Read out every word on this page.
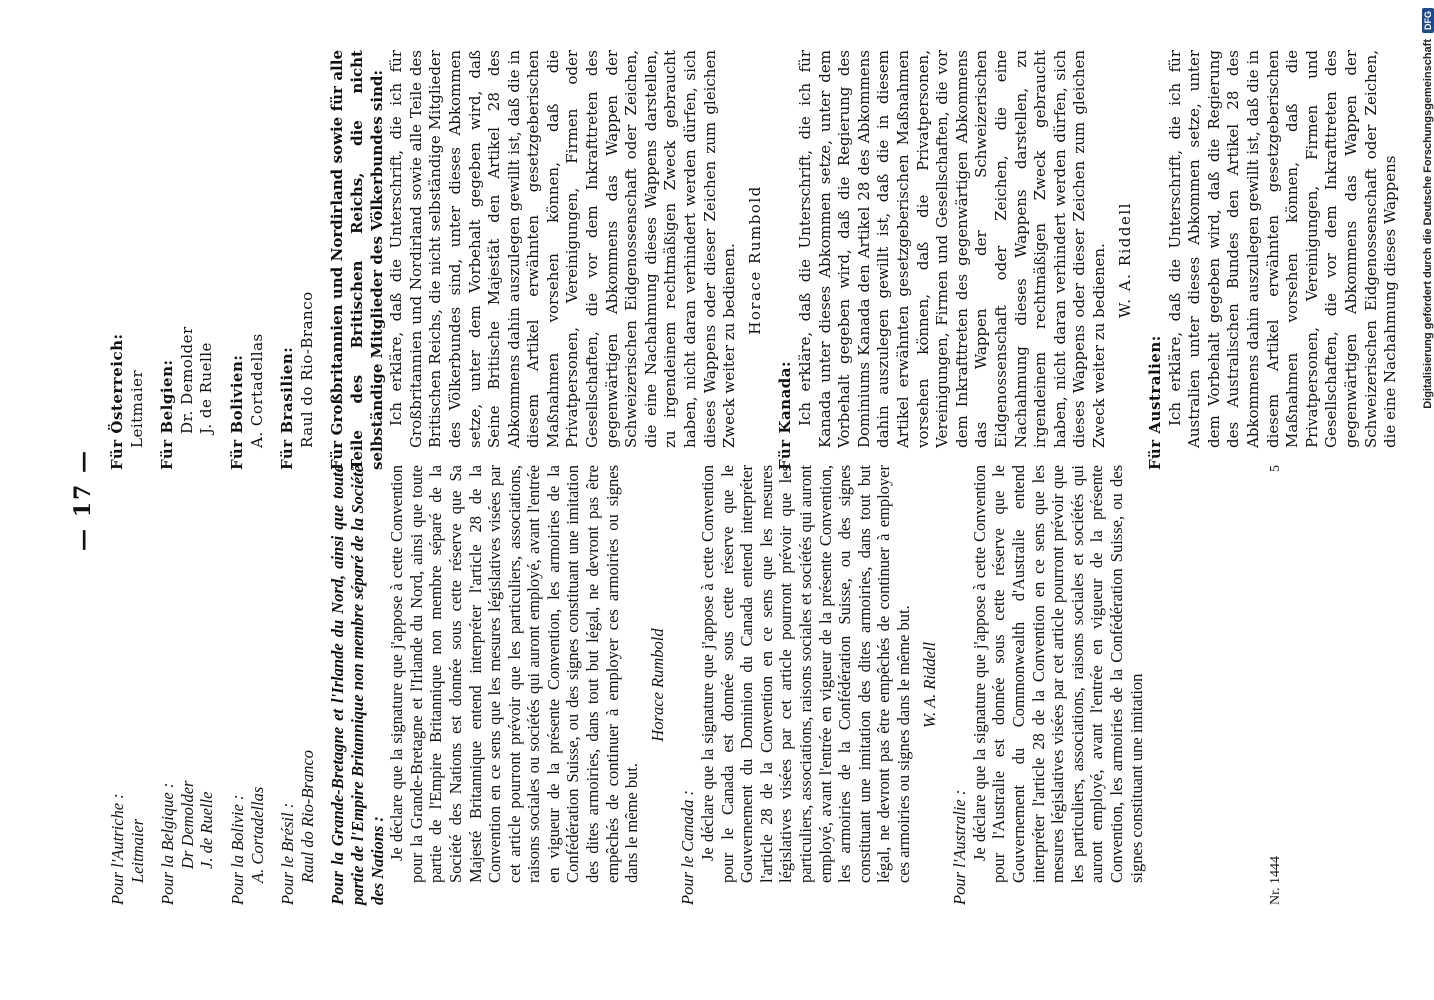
— 17 —
Pour l'Autriche : Leitmaier Pour la Belgique : Dr Demolder J. de Ruelle Pour la Bolivie : A. Cortadellas Pour le Brésil : Raul do Rio-Branco Pour la Grande-Bretagne et l'Irlande du Nord, ainsi que toute partie de l'Empire Britannique non membre séparé de la Société des Nations : Je déclare que la signature que j'appose à cette Convention pour la Grande-Bretagne et l'Irlande du Nord, ainsi que toute partie de l'Empire Britannique non membre séparé de la Société des Nations est donnée sous cette réserve que Sa Majesté Britannique entend interpréter l'article 28 de la Convention en ce sens que les mesures législatives visées par cet article pourront prévoir que les particuliers, associations, raisons sociales ou sociétés qui auront employé, avant l'entrée en vigueur de la présente Convention, les armoiries de la Confédération Suisse, ou des signes constituant une imitation des dites armoiries, dans tout but légal, ne devront pas être empêchés de continuer à employer ces armoiries ou signes dans le même but.
Horace Rumbold
Pour le Canada : Je déclare que la signature que j'appose à cette Convention pour le Canada est donnée sous cette réserve que le Gouvernement du Dominion du Canada entend interpréter l'article 28 de la Convention en ce sens que les mesures législatives visées par cet article pourront prévoir que les particuliers, associations, raisons sociales et sociétés qui auront employé, avant l'entrée en vigueur de la présente Convention, les armoiries de la Confédération Suisse, ou des signes constituant une imitation des dites armoiries, dans tout but légal, ne devront pas être empêchés de continuer à employer ces armoiries ou signes dans le même but. W. A. Riddell
Pour l'Australie : Je déclare que la signature que j'appose à cette Convention pour l'Australie est donnée sous cette réserve que le Gouvernement du Commonwealth d'Australie entend interpréter l'article 28 de la Convention en ce sens que les mesures législatives visées par cet article pourront prévoir que les particuliers, associations, raisons sociales et sociétés qui auront employé, avant l'entrée en vigueur de la présente Convention, les armoiries de la Confédération Suisse, ou des signes constituant une imitation
Für Österreich: Leitmaier Für Belgien: Dr. Demolder J. de Ruelle Für Bolivien: A. Cortadellas Für Brasilien: Raul do Rio-Branco Für Großbritannien und Nordirland sowie für alle Teile des Britischen Reichs, die nicht selbständige Mitglieder des Völkerbundes sind: Ich erkläre, daß die Unterschrift, die ich für Großbritannien und Nordirland sowie alle Teile des Britischen Reichs, die nicht selbständige Mitglieder des Völkerbundes sind, unter dieses Abkommen setze, unter dem Vorbehalt gegeben wird, daß Seine Britische Majestät den Artikel 28 des Abkommens dahin auszulegen gewillt ist, daß die in diesem Artikel erwähnten gesetzgeberischen Maßnahmen vorsehen können, daß die Privatpersonen, Vereinigungen, Firmen oder Gesellschaften, die vor dem Inkrafttreten des gegenwärtigen Abkommens das Wappen der Schweizerischen Eidgenossenschaft oder Zeichen, die eine Nachahmung dieses Wappens darstellen, zu irgendeinem rechtmäßigen Zweck gebraucht haben, nicht daran verhindert werden dürfen, sich dieses Wappens oder dieser Zeichen zum gleichen Zweck weiter zu bedienen. Horace Rumbold
Für Kanada: Ich erkläre, daß die Unterschrift, die ich für Kanada unter dieses Abkommen setze, unter dem Vorbehalt gegeben wird, daß die Regierung des Dominiums Kanada den Artikel 28 des Abkommens dahin auszulegen gewillt ist, daß die in diesem Artikel erwähnten gesetzgeberischen Maßnahmen vorsehen können, daß die Privatpersonen, Vereinigungen, Firmen und Gesellschaften, die vor dem Inkrafttreten des gegenwärtigen Abkommens das Wappen der Schweizerischen Eidgenossenschaft oder Zeichen, die eine Nachahmung dieses Wappens darstellen, zu irgendeinem rechtmäßigen Zweck gebraucht haben, nicht daran verhindert werden dürfen, sich dieses Wappens oder dieser Zeichen zum gleichen Zweck weiter zu bedienen. W. A. Riddell
Für Australien: Ich erkläre, daß die Unterschrift, die ich für Australien unter dieses Abkommen setze, unter dem Vorbehalt gegeben wird, daß die Regierung des Australischen Bundes den Artikel 28 des Abkommens dahin auszulegen gewillt ist, daß die in diesem Artikel erwähnten gesetzgeberischen Maßnahmen vorsehen können, daß die Privatpersonen, Vereinigungen, Firmen und Gesellschaften, die vor dem Inkrafttreten des gegenwärtigen Abkommens das Wappen der Schweizerischen Eidgenossenschaft oder Zeichen, die eine Nachahmung dieses Wappens
Nr. 1444
5
Digitalisierung gefördert durch die Deutsche Forschungsgemeinschaft
DFG
